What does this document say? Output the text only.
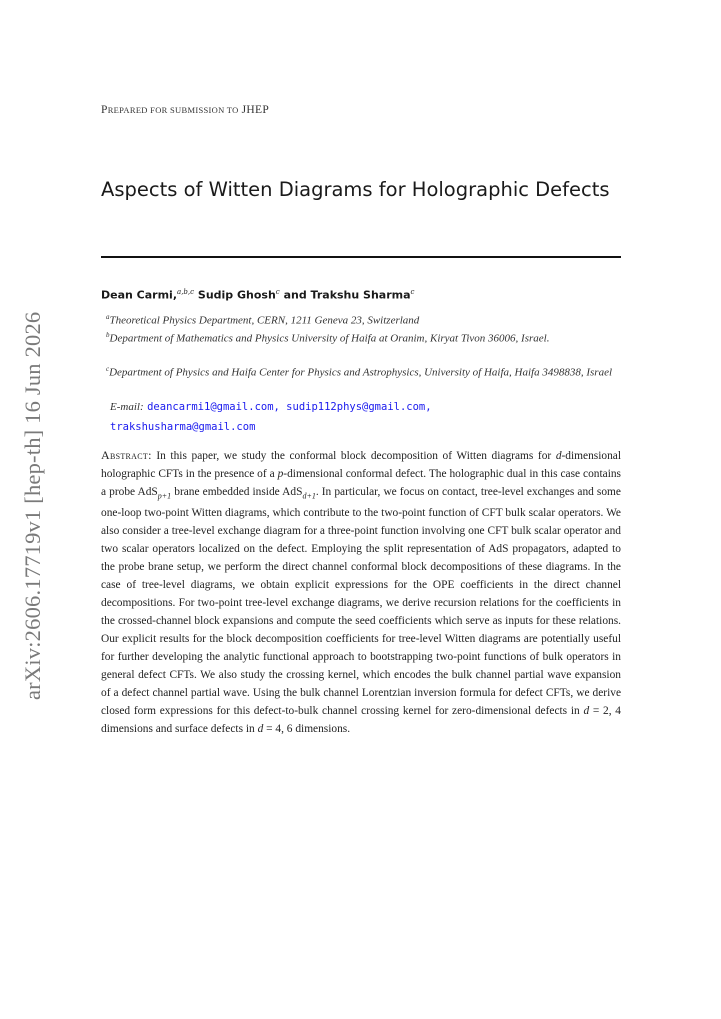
arXiv:2606.17719v1 [hep-th] 16 Jun 2026
PREPARED FOR SUBMISSION TO JHEP
Aspects of Witten Diagrams for Holographic Defects
Dean Carmi,$^{a,b,c}$ Sudip Ghosh$^c$ and Trakshu Sharma$^c$
$^a$Theoretical Physics Department, CERN, 1211 Geneva 23, Switzerland
$^b$Department of Mathematics and Physics University of Haifa at Oranim, Kiryat Tivon 36006, Israel.
$^c$Department of Physics and Haifa Center for Physics and Astrophysics, University of Haifa, Haifa 3498838, Israel
E-mail: deancarmi1@gmail.com, sudip112phys@gmail.com,
trakshusharma@gmail.com
Abstract: In this paper, we study the conformal block decomposition of Witten diagrams for d-dimensional holographic CFTs in the presence of a p-dimensional conformal defect. The holographic dual in this case contains a probe AdS$_{p+1}$ brane embedded inside AdS$_{d+1}$. In particular, we focus on contact, tree-level exchanges and some one-loop two-point Witten diagrams, which contribute to the two-point function of CFT bulk scalar operators. We also consider a tree-level exchange diagram for a three-point function involving one CFT bulk scalar operator and two scalar operators localized on the defect. Employing the split representation of AdS propagators, adapted to the probe brane setup, we perform the direct channel conformal block decompositions of these diagrams. In the case of tree-level diagrams, we obtain explicit expressions for the OPE coefficients in the direct channel decompositions. For two-point tree-level exchange diagrams, we derive recursion relations for the coefficients in the crossed-channel block expansions and compute the seed coefficients which serve as inputs for these relations. Our explicit results for the block decomposition coefficients for tree-level Witten diagrams are potentially useful for further developing the analytic functional approach to bootstrapping two-point functions of bulk operators in general defect CFTs. We also study the crossing kernel, which encodes the bulk channel partial wave expansion of a defect channel partial wave. Using the bulk channel Lorentzian inversion formula for defect CFTs, we derive closed form expressions for this defect-to-bulk channel crossing kernel for zero-dimensional defects in d = 2, 4 dimensions and surface defects in d = 4, 6 dimensions.
